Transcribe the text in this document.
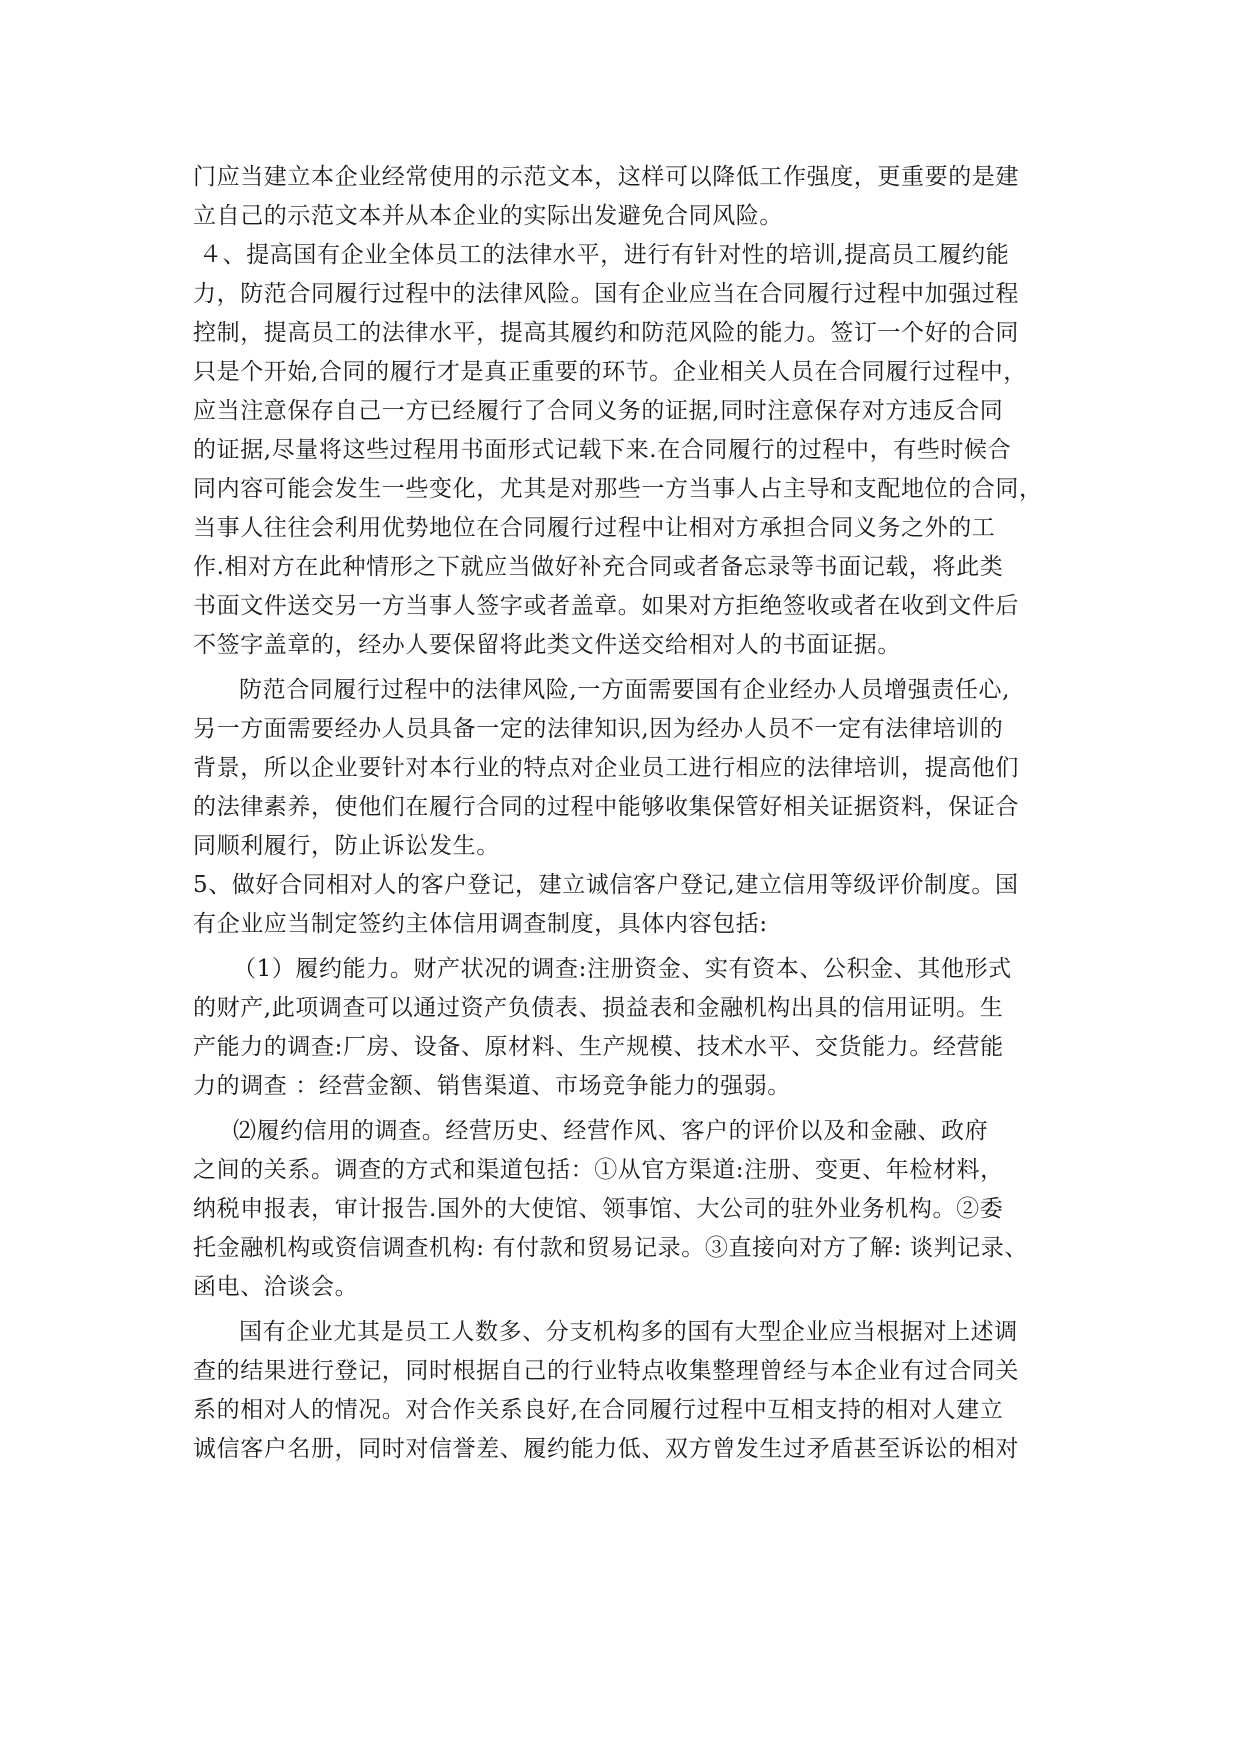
门应当建立本企业经常使用的示范文本，这样可以降低工作强度，更重要的是建
立自己的示范文本并从本企业的实际出发避免合同风险。
４、提高国有企业全体员工的法律水平，进行有针对性的培训,提高员工履约能
力，防范合同履行过程中的法律风险。国有企业应当在合同履行过程中加强过程
控制，提高员工的法律水平，提高其履约和防范风险的能力。签订一个好的合同
只是个开始,合同的履行才是真正重要的环节。企业相关人员在合同履行过程中，
应当注意保存自己一方已经履行了合同义务的证据,同时注意保存对方违反合同
的证据,尽量将这些过程用书面形式记载下来.在合同履行的过程中，有些时候合
同内容可能会发生一些变化，尤其是对那些一方当事人占主导和支配地位的合同，
当事人往往会利用优势地位在合同履行过程中让相对方承担合同义务之外的工
作.相对方在此种情形之下就应当做好补充合同或者备忘录等书面记载，将此类
书面文件送交另一方当事人签字或者盖章。如果对方拒绝签收或者在收到文件后
不签字盖章的，经办人要保留将此类文件送交给相对人的书面证据。
防范合同履行过程中的法律风险,一方面需要国有企业经办人员增强责任心,
另一方面需要经办人员具备一定的法律知识,因为经办人员不一定有法律培训的
背景，所以企业要针对本行业的特点对企业员工进行相应的法律培训，提高他们
的法律素养，使他们在履行合同的过程中能够收集保管好相关证据资料，保证合
同顺利履行，防止诉讼发生。
5、做好合同相对人的客户登记，建立诚信客户登记,建立信用等级评价制度。国
有企业应当制定签约主体信用调查制度，具体内容包括:
（1）履约能力。财产状况的调查:注册资金、实有资本、公积金、其他形式
的财产,此项调查可以通过资产负债表、损益表和金融机构出具的信用证明。生
产能力的调查:厂房、设备、原材料、生产规模、技术水平、交货能力。经营能
力的调查 ：经营金额、销售渠道、市场竞争能力的强弱。
⑵履约信用的调查。经营历史、经营作风、客户的评价以及和金融、政府
之间的关系。调查的方式和渠道包括：①从官方渠道:注册、变更、年检材料，
纳税申报表，审计报告.国外的大使馆、领事馆、大公司的驻外业务机构。②委
托金融机构或资信调查机构: 有付款和贸易记录。③直接向对方了解: 谈判记录、
函电、洽谈会。
国有企业尤其是员工人数多、分支机构多的国有大型企业应当根据对上述调
查的结果进行登记，同时根据自己的行业特点收集整理曾经与本企业有过合同关
系的相对人的情况。对合作关系良好,在合同履行过程中互相支持的相对人建立
诚信客户名册，同时对信誉差、履约能力低、双方曾发生过矛盾甚至诉讼的相对
